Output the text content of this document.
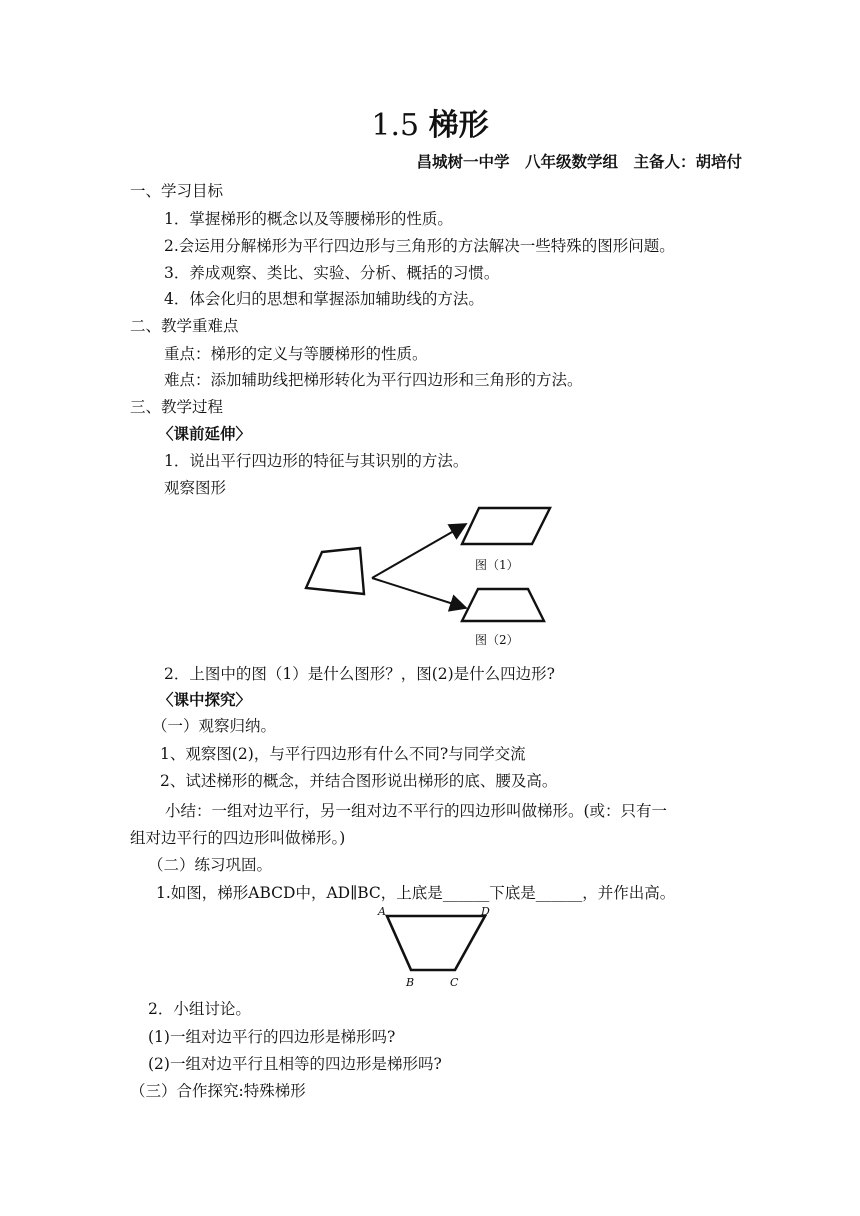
1.5 梯形
昌城树一中学　八年级数学组　主备人：胡培付
一、学习目标
1．掌握梯形的概念以及等腰梯形的性质。
2.会运用分解梯形为平行四边形与三角形的方法解决一些特殊的图形问题。
3．养成观察、类比、实验、分析、概括的习惯。
4．体会化归的思想和掌握添加辅助线的方法。
二、教学重难点
重点：梯形的定义与等腰梯形的性质。
难点：添加辅助线把梯形转化为平行四边形和三角形的方法。
三、教学过程
〈课前延伸〉
1．说出平行四边形的特征与其识别的方法。
观察图形
图（1）
图（2）
2．上图中的图（1）是什么图形？，图(2)是什么四边形?
〈课中探究〉
（一）观察归纳。
1、观察图(2)，与平行四边形有什么不同?与同学交流
2、试述梯形的概念，并结合图形说出梯形的底、腰及高。
小结：一组对边平行，另一组对边不平行的四边形叫做梯形。(或：只有一
组对边平行的四边形叫做梯形。)
（二）练习巩固。
1.如图，梯形ABCD中，AD∥BC，上底是______下底是______，并作出高。
A	D
B	C
2．小组讨论。
(1)一组对边平行的四边形是梯形吗?
(2)一组对边平行且相等的四边形是梯形吗?
（三）合作探究:特殊梯形
